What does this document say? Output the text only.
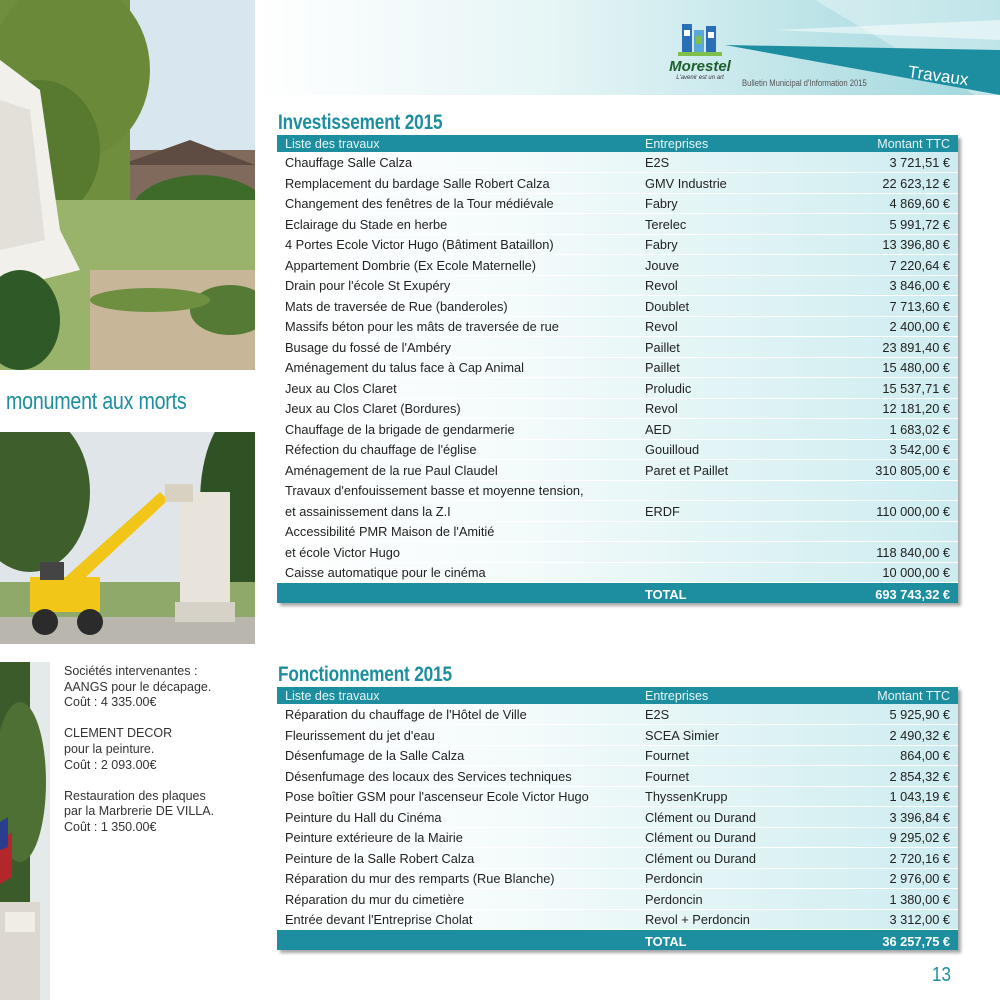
Morestel
L'avenir est un art	Bulletin Municipal d'Information 2015 Travaux
monument aux morts

Sociétés intervenantes :
AANGS pour le décapage.
Coût : 4 335.00€

CLEMENT DECOR
pour la peinture.
Coût : 2 093.00€

Restauration des plaques
par la Marbrerie DE VILLA.
Coût : 1 350.00€

Investissement 2015
Liste des travaux	Entreprises	Montant TTC
Chauffage Salle Calza	E2S	3 721,51 €
Remplacement du bardage Salle Robert Calza	GMV Industrie	22 623,12 €
Changement des fenêtres de la Tour médiévale	Fabry	4 869,60 €
Eclairage du Stade en herbe	Terelec	5 991,72 €
4 Portes Ecole Victor Hugo (Bâtiment Bataillon)	Fabry	13 396,80 €
Appartement Dombrie (Ex Ecole Maternelle)	Jouve	7 220,64 €
Drain pour l'école St Exupéry	Revol	3 846,00 €
Mats de traversée de Rue (banderoles)	Doublet	7 713,60 €
Massifs béton pour les mâts de traversée de rue	Revol	2 400,00 €
Busage du fossé de l'Ambéry	Paillet	23 891,40 €
Aménagement du talus face à Cap Animal	Paillet	15 480,00 €
Jeux au Clos Claret	Proludic	15 537,71 €
Jeux au Clos Claret (Bordures)	Revol	12 181,20 €
Chauffage de la brigade de gendarmerie	AED	1 683,02 €
Réfection du chauffage de l'église	Gouilloud	3 542,00 €
Aménagement de la rue Paul Claudel	Paret et Paillet	310 805,00 €
Travaux d'enfouissement basse et moyenne tension,		
et assainissement dans la Z.I	ERDF	110 000,00 €
Accessibilité PMR Maison de l'Amitié		
et école Victor Hugo		118 840,00 €
Caisse automatique pour le cinéma		10 000,00 €
	TOTAL	693 743,32 €
Fonctionnement 2015
Liste des travaux	Entreprises	Montant TTC
Réparation du chauffage de l'Hôtel de Ville	E2S	5 925,90 €
Fleurissement du jet d'eau	SCEA Simier	2 490,32 €
Désenfumage de la Salle Calza	Fournet	864,00 €
Désenfumage des locaux des Services techniques	Fournet	2 854,32 €
Pose boîtier GSM pour l'ascenseur Ecole Victor Hugo	ThyssenKrupp	1 043,19 €
Peinture du Hall du Cinéma	Clément ou Durand	3 396,84 €
Peinture extérieure de la Mairie	Clément ou Durand	9 295,02 €
Peinture de la Salle Robert Calza	Clément ou Durand	2 720,16 €
Réparation du mur des remparts (Rue Blanche)	Perdoncin	2 976,00 €
Réparation du mur du cimetière	Perdoncin	1 380,00 €
Entrée devant l'Entreprise Cholat	Revol + Perdoncin	3 312,00 €
	TOTAL	36 257,75 €
13
